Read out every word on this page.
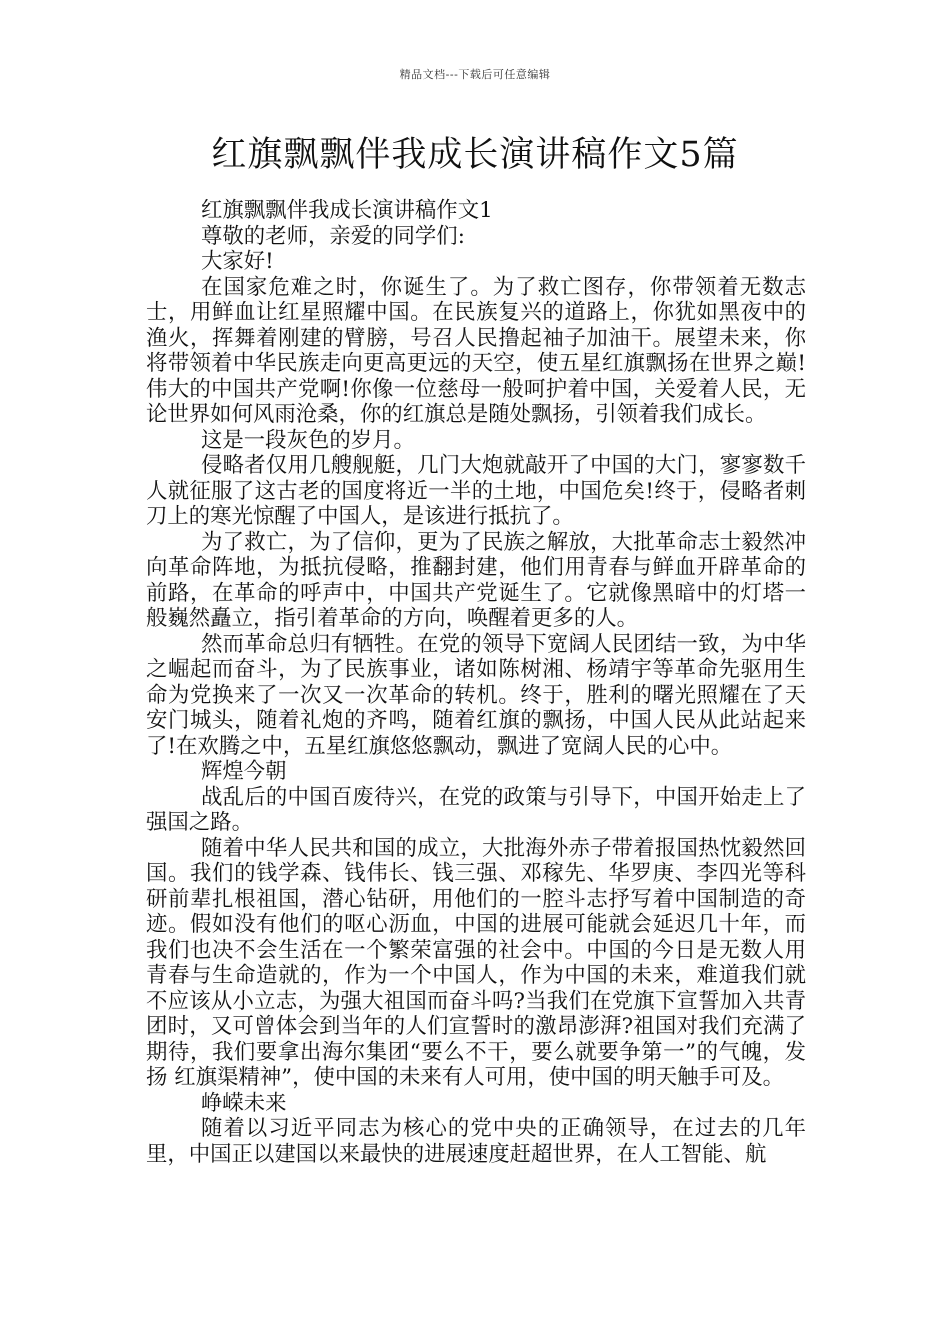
精品文档---下载后可任意编辑
红旗飘飘伴我成长演讲稿作文5篇

红旗飘飘伴我成长演讲稿作文1

尊敬的老师，亲爱的同学们:

大家好!

在国家危难之时，你诞生了。为了救亡图存，你带领着无数志士，用鲜血让红星照耀中国。在民族复兴的道路上，你犹如黑夜中的渔火，挥舞着刚建的臂膀，号召人民撸起袖子加油干。展望未来，你将带领着中华民族走向更高更远的天空，使五星红旗飘扬在世界之巅!伟大的中国共产党啊!你像一位慈母一般呵护着中国，关爱着人民，无论世界如何风雨沧桑，你的红旗总是随处飘扬，引领着我们成长。

这是一段灰色的岁月。

侵略者仅用几艘舰艇，几门大炮就敲开了中国的大门，寥寥数千人就征服了这古老的国度将近一半的土地，中国危矣!终于，侵略者刺刀上的寒光惊醒了中国人，是该进行抵抗了。

为了救亡，为了信仰，更为了民族之解放，大批革命志士毅然冲向革命阵地，为抵抗侵略，推翻封建，他们用青春与鲜血开辟革命的前路，在革命的呼声中，中国共产党诞生了。它就像黑暗中的灯塔一般巍然矗立，指引着革命的方向，唤醒着更多的人。

然而革命总归有牺牲。在党的领导下宽阔人民团结一致，为中华之崛起而奋斗，为了民族事业，诸如陈树湘、杨靖宇等革命先驱用生命为党换来了一次又一次革命的转机。终于，胜利的曙光照耀在了天安门城头，随着礼炮的齐鸣，随着红旗的飘扬，中国人民从此站起来了!在欢腾之中，五星红旗悠悠飘动，飘进了宽阔人民的心中。

辉煌今朝

战乱后的中国百废待兴，在党的政策与引导下，中国开始走上了强国之路。

随着中华人民共和国的成立，大批海外赤子带着报国热忱毅然回国。我们的钱学森、钱伟长、钱三强、邓稼先、华罗庚、李四光等科研前辈扎根祖国，潜心钻研，用他们的一腔斗志抒写着中国制造的奇迹。假如没有他们的呕心沥血，中国的进展可能就会延迟几十年，而我们也决不会生活在一个繁荣富强的社会中。中国的今日是无数人用青春与生命造就的，作为一个中国人，作为中国的未来，难道我们就不应该从小立志，为强大祖国而奋斗吗?当我们在党旗下宣誓加入共青团时，又可曾体会到当年的人们宣誓时的激昂澎湃?祖国对我们充满了期待，我们要拿出海尔集团“要么不干，要么就要争第一”的气魄，发扬 红旗渠精神”，使中国的未来有人可用，使中国的明天触手可及。

峥嵘未来

随着以习近平同志为核心的党中央的正确领导，在过去的几年里，中国正以建国以来最快的进展速度赶超世界，在人工智能、航
